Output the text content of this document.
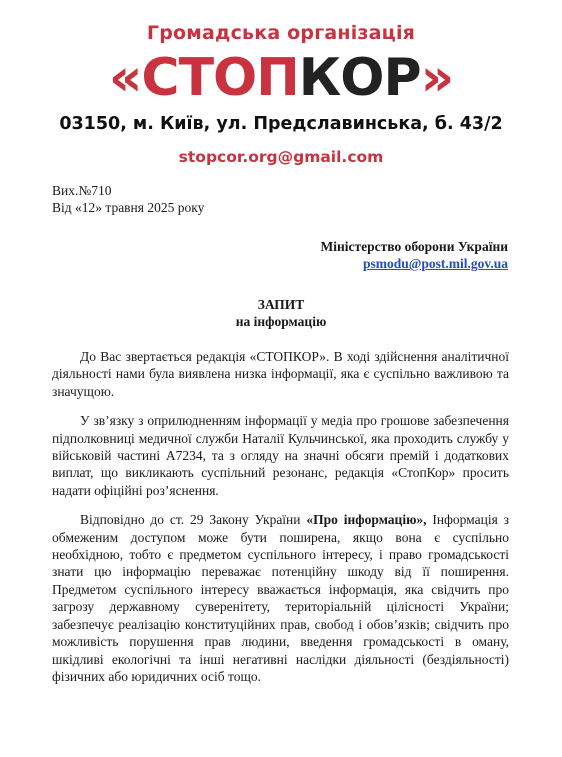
Громадська організація
«СТОПКОР»
03150, м. Київ, ул. Предславинська, б. 43/2
stopcor.org@gmail.com
Вих.№710
Від «12» травня 2025 року
Міністерство оборони України
psmodu@post.mil.gov.ua
ЗАПИТ
на інформацію

До Вас звертається редакція «СТОПКОР». В ході здійснення аналітичної діяльності нами була виявлена низка інформації, яка є суспільно важливою та значущою.

У зв’язку з оприлюдненням інформації у медіа про грошове забезпечення підполковниці медичної служби Наталії Кульчинської, яка проходить службу у військовій частині А7234, та з огляду на значні обсяги премій і додаткових виплат, що викликають суспільний резонанс, редакція «СтопКор» просить надати офіційні роз’яснення.

Відповідно до ст. 29 Закону України «Про інформацію», Інформація з обмеженим доступом може бути поширена, якщо вона є суспільно необхідною, тобто є предметом суспільного інтересу, і право громадськості знати цю інформацію переважає потенційну шкоду від її поширення. Предметом суспільного інтересу вважається інформація, яка свідчить про загрозу державному суверенітету, територіальній цілісності України; забезпечує реалізацію конституційних прав, свобод і обов’язків; свідчить про можливість порушення прав людини, введення громадськості в оману, шкідливі екологічні та інші негативні наслідки діяльності (бездіяльності) фізичних або юридичних осіб тощо.
